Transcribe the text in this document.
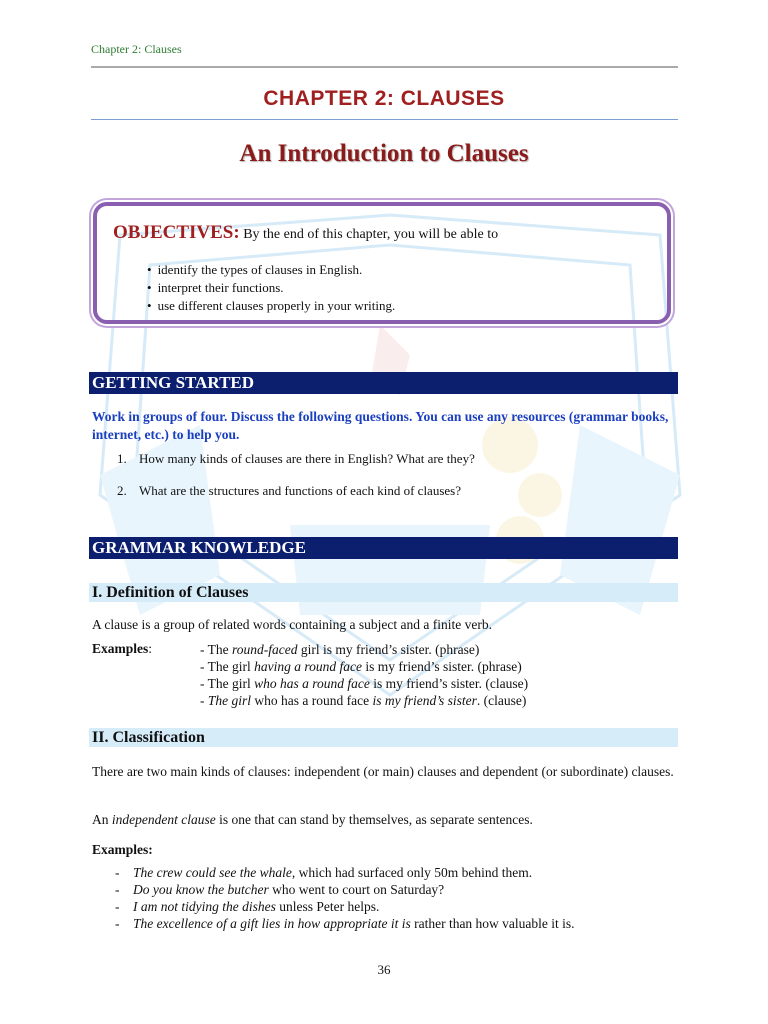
Chapter 2: Clauses
CHAPTER 2: CLAUSES
An Introduction to Clauses
OBJECTIVES: By the end of this chapter, you will be able to
• identify the types of clauses in English.
• interpret their functions.
• use different clauses properly in your writing.
GETTING STARTED
Work in groups of four. Discuss the following questions. You can use any resources (grammar books, internet, etc.) to help you.
1. How many kinds of clauses are there in English? What are they?
2. What are the structures and functions of each kind of clauses?
GRAMMAR KNOWLEDGE
I. Definition of Clauses
A clause is a group of related words containing a subject and a finite verb.
Examples:	- The round-faced girl is my friend’s sister. (phrase)
- The girl having a round face is my friend’s sister. (phrase)
- The girl who has a round face is my friend’s sister. (clause)
- The girl who has a round face is my friend’s sister. (clause)
II. Classification
There are two main kinds of clauses: independent (or main) clauses and dependent (or subordinate) clauses.
An independent clause is one that can stand by themselves, as separate sentences.
Examples:
- The crew could see the whale, which had surfaced only 50m behind them.
- Do you know the butcher who went to court on Saturday?
- I am not tidying the dishes unless Peter helps.
- The excellence of a gift lies in how appropriate it is rather than how valuable it is.
36
